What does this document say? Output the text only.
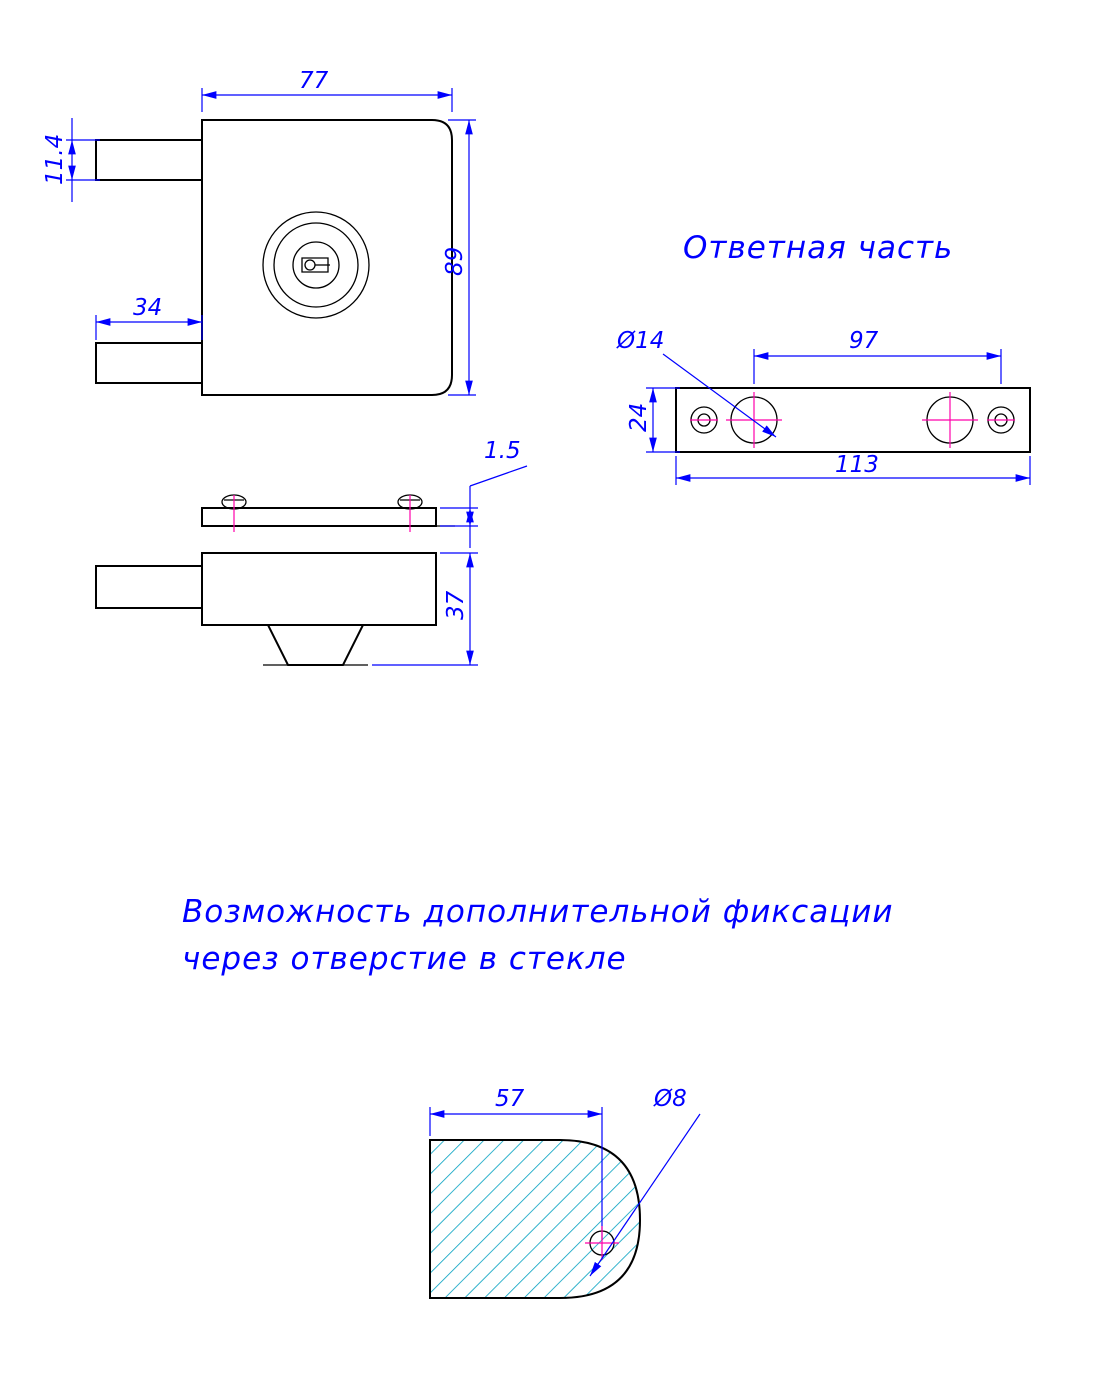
77
89
11.4
34
1.5
37
Ответная часть
Ø14	97
24
113
Возможность дополнительной фиксации
через отверстие в стекле
57	Ø8
